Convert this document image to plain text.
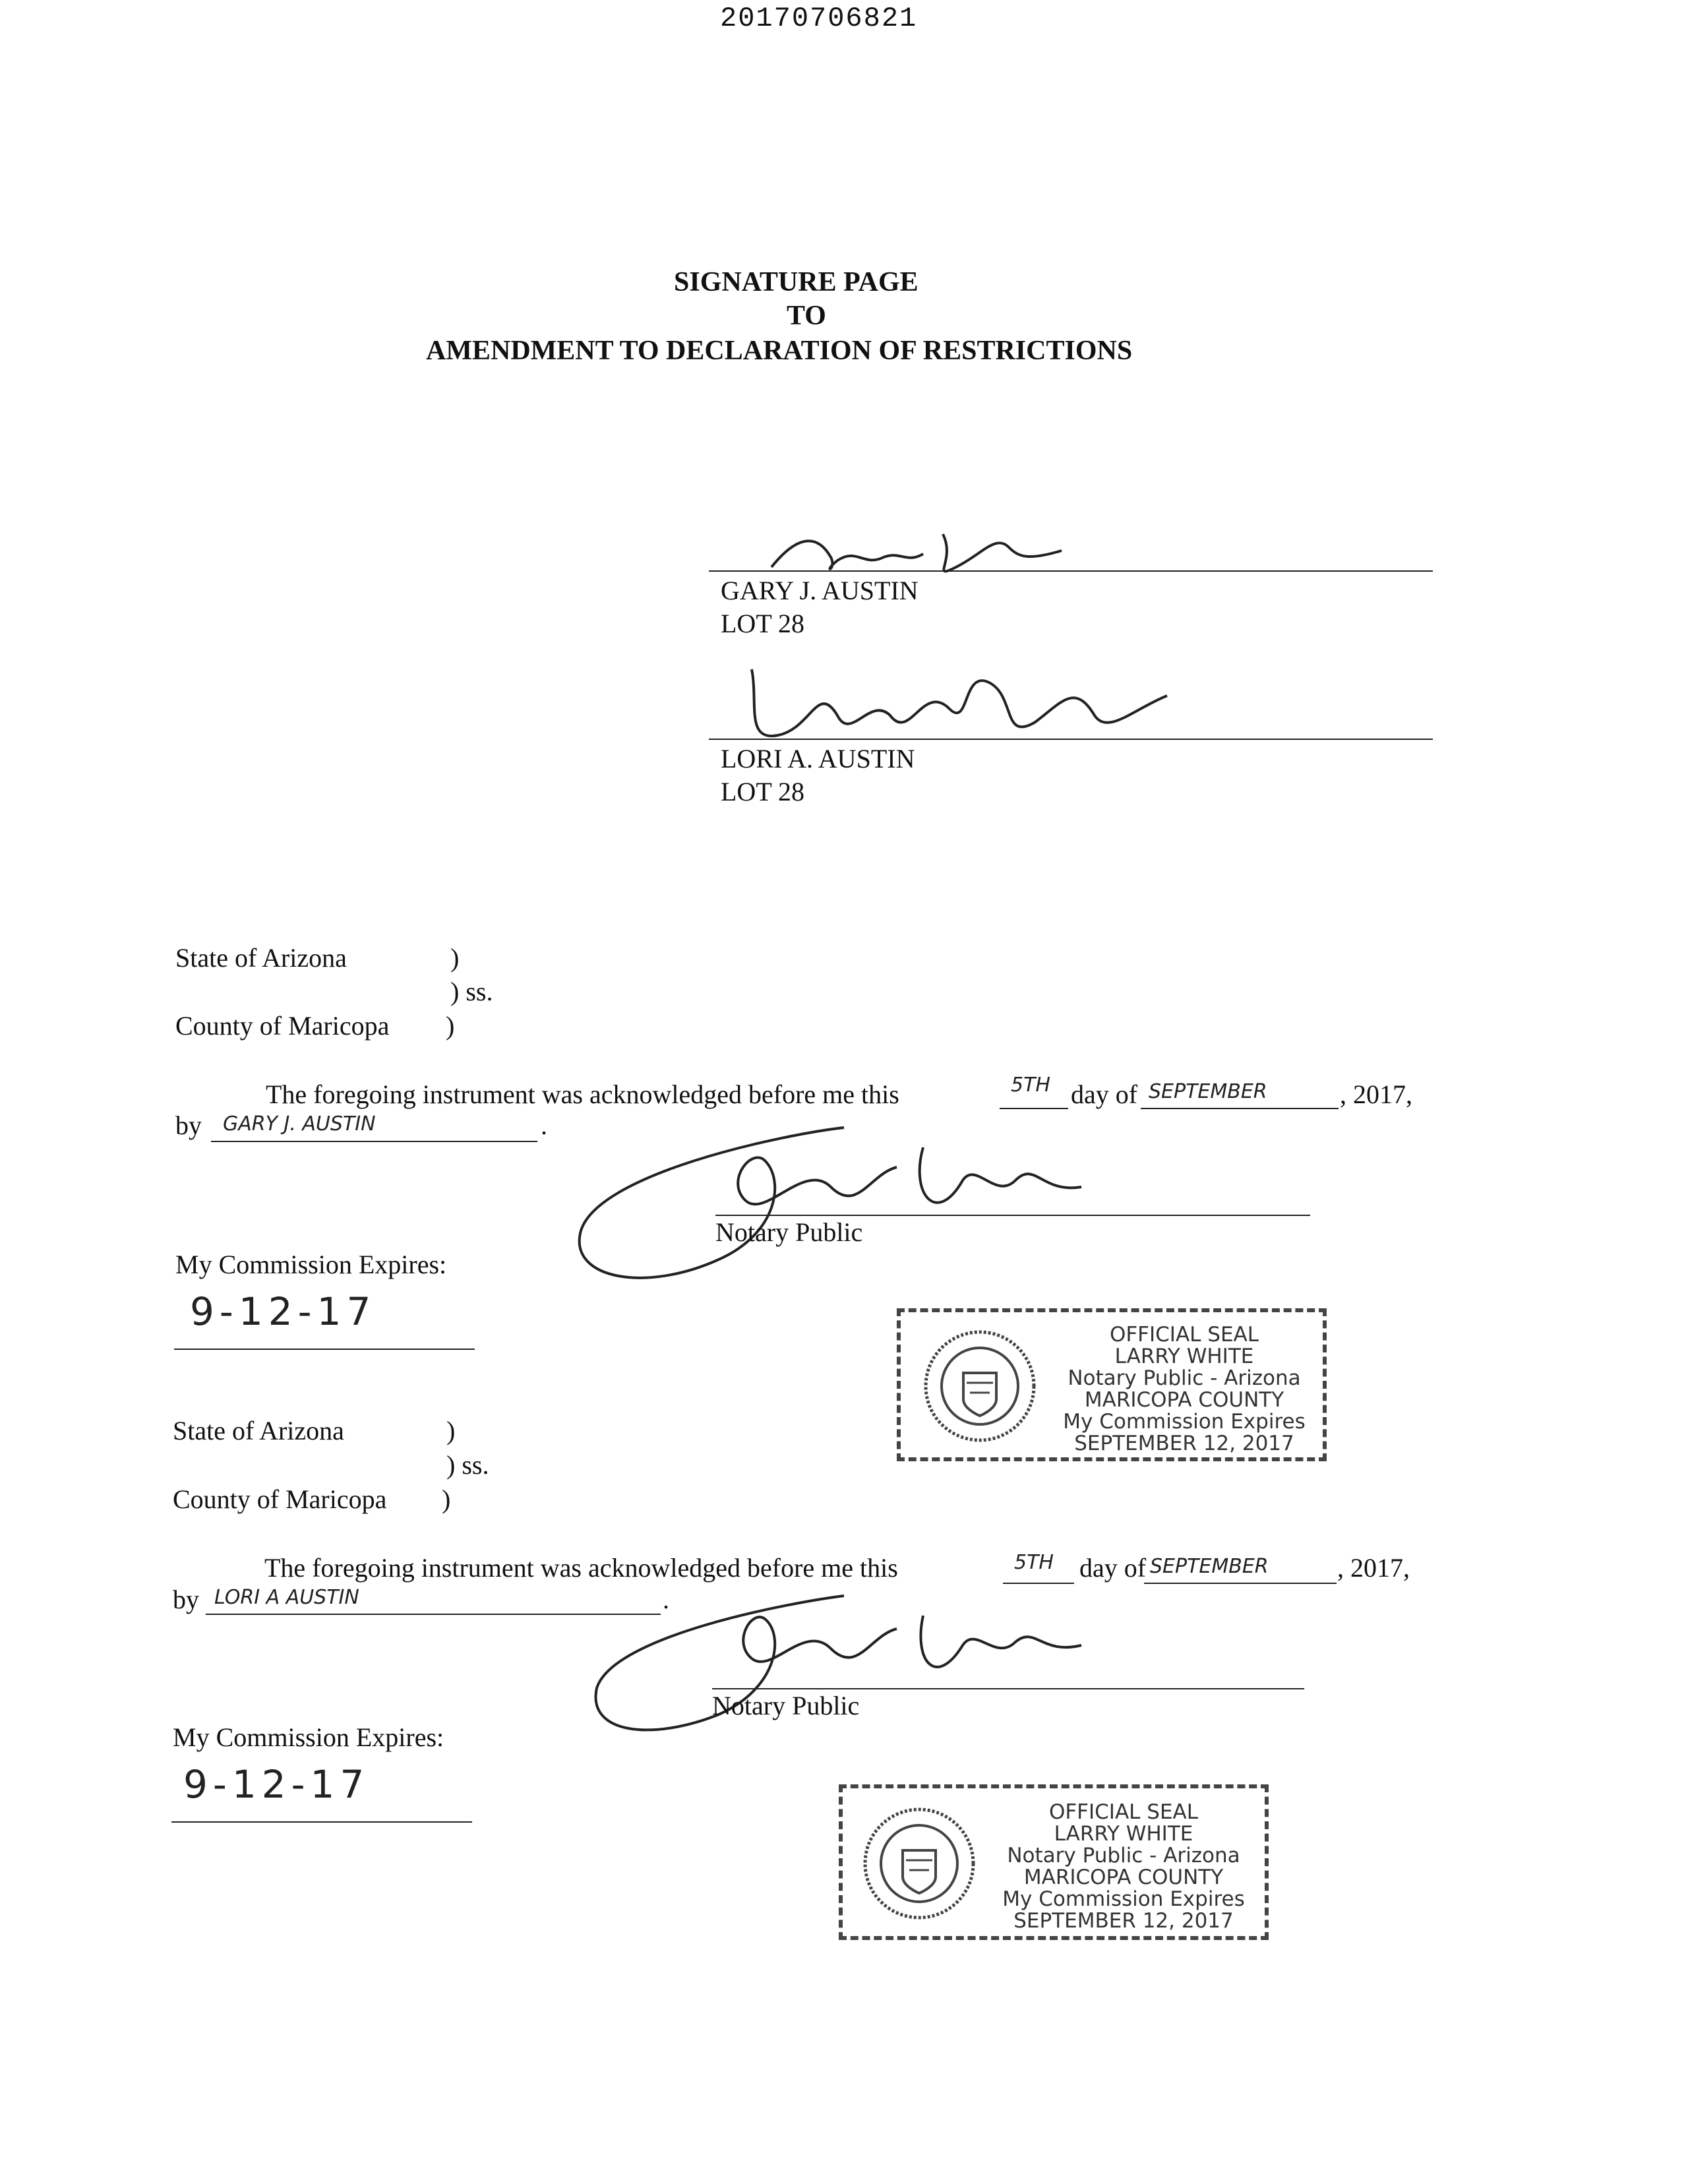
20170706821
SIGNATURE PAGE
TO
AMENDMENT TO DECLARATION OF RESTRICTIONS
GARY J. AUSTIN
LOT 28
LORI A. AUSTIN
LOT 28
State of Arizona	)
) ss.
County of Maricopa )
The foregoing instrument was acknowledged before me this	5TH day of SEPTEMBER	, 2017,
by GARY J. AUSTIN	.
Notary Public
My Commission Expires:
9-12-17
OFFICIAL SEAL
LARRY WHITE
Notary Public - Arizona
MARICOPA COUNTY
My Commission Expires
SEPTEMBER 12, 2017
State of Arizona	)
) ss.
County of Maricopa )
The foregoing instrument was acknowledged before me this	5TH day of SEPTEMBER	, 2017,
by LORI A AUSTIN	.
Notary Public
My Commission Expires:
9-12-17
OFFICIAL SEAL
LARRY WHITE
Notary Public - Arizona
MARICOPA COUNTY
My Commission Expires
SEPTEMBER 12, 2017
